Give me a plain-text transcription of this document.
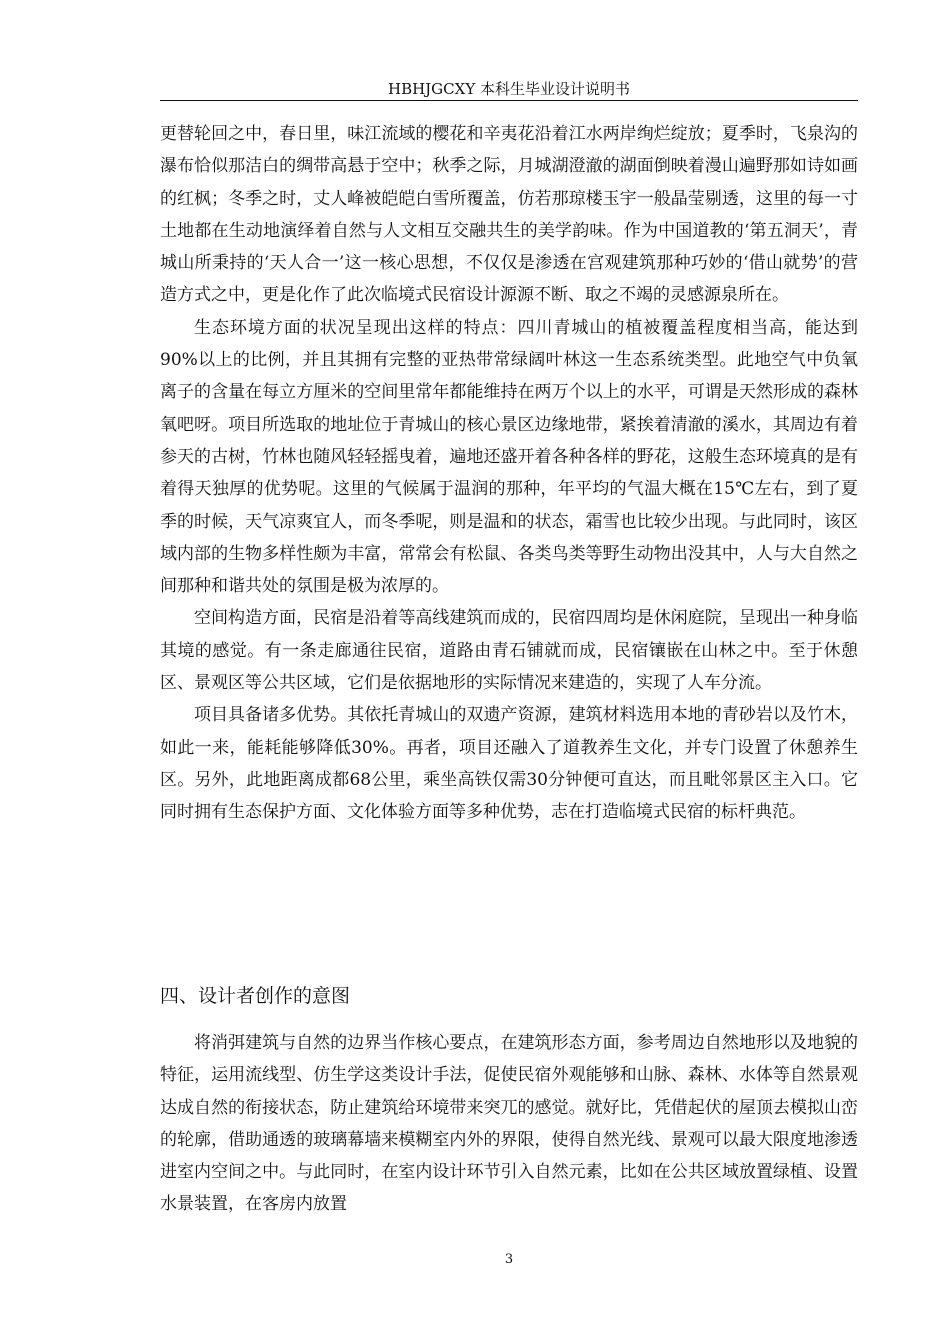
HBHJGCXY 本科生毕业设计说明书

更替轮回之中，春日里，味江流域的樱花和辛夷花沿着江水两岸绚烂绽放；夏季时，飞泉沟的瀑布恰似那洁白的绸带高悬于空中；秋季之际，月城湖澄澈的湖面倒映着漫山遍野那如诗如画的红枫；冬季之时，丈人峰被皑皑白雪所覆盖，仿若那琼楼玉宇一般晶莹剔透，这里的每一寸土地都在生动地演绎着自然与人文相互交融共生的美学韵味。作为中国道教的‘第五洞天’，青城山所秉持的‘天人合一’这一核心思想，不仅仅是渗透在宫观建筑那种巧妙的‘借山就势’的营造方式之中，更是化作了此次临境式民宿设计源源不断、取之不竭的灵感源泉所在。

生态环境方面的状况呈现出这样的特点：四川青城山的植被覆盖程度相当高，能达到90%以上的比例，并且其拥有完整的亚热带常绿阔叶林这一生态系统类型。此地空气中负氧离子的含量在每立方厘米的空间里常年都能维持在两万个以上的水平，可谓是天然形成的森林氧吧呀。项目所选取的地址位于青城山的核心景区边缘地带，紧挨着清澈的溪水，其周边有着参天的古树，竹林也随风轻轻摇曳着，遍地还盛开着各种各样的野花，这般生态环境真的是有着得天独厚的优势呢。这里的气候属于温润的那种，年平均的气温大概在15℃左右，到了夏季的时候，天气凉爽宜人，而冬季呢，则是温和的状态，霜雪也比较少出现。与此同时，该区域内部的生物多样性颇为丰富，常常会有松鼠、各类鸟类等野生动物出没其中，人与大自然之间那种和谐共处的氛围是极为浓厚的。

空间构造方面，民宿是沿着等高线建筑而成的，民宿四周均是休闲庭院，呈现出一种身临其境的感觉。有一条走廊通往民宿，道路由青石铺就而成，民宿镶嵌在山林之中。至于休憩区、景观区等公共区域，它们是依据地形的实际情况来建造的，实现了人车分流。

项目具备诸多优势。其依托青城山的双遗产资源，建筑材料选用本地的青砂岩以及竹木，如此一来，能耗能够降低30%。再者，项目还融入了道教养生文化，并专门设置了休憩养生区。另外，此地距离成都68公里，乘坐高铁仅需30分钟便可直达，而且毗邻景区主入口。它同时拥有生态保护方面、文化体验方面等多种优势，志在打造临境式民宿的标杆典范。

四、设计者创作的意图

将消弭建筑与自然的边界当作核心要点，在建筑形态方面，参考周边自然地形以及地貌的特征，运用流线型、仿生学这类设计手法，促使民宿外观能够和山脉、森林、水体等自然景观达成自然的衔接状态，防止建筑给环境带来突兀的感觉。就好比，凭借起伏的屋顶去模拟山峦的轮廓，借助通透的玻璃幕墙来模糊室内外的界限，使得自然光线、景观可以最大限度地渗透进室内空间之中。与此同时，在室内设计环节引入自然元素，比如在公共区域放置绿植、设置水景装置，在客房内放置

3
